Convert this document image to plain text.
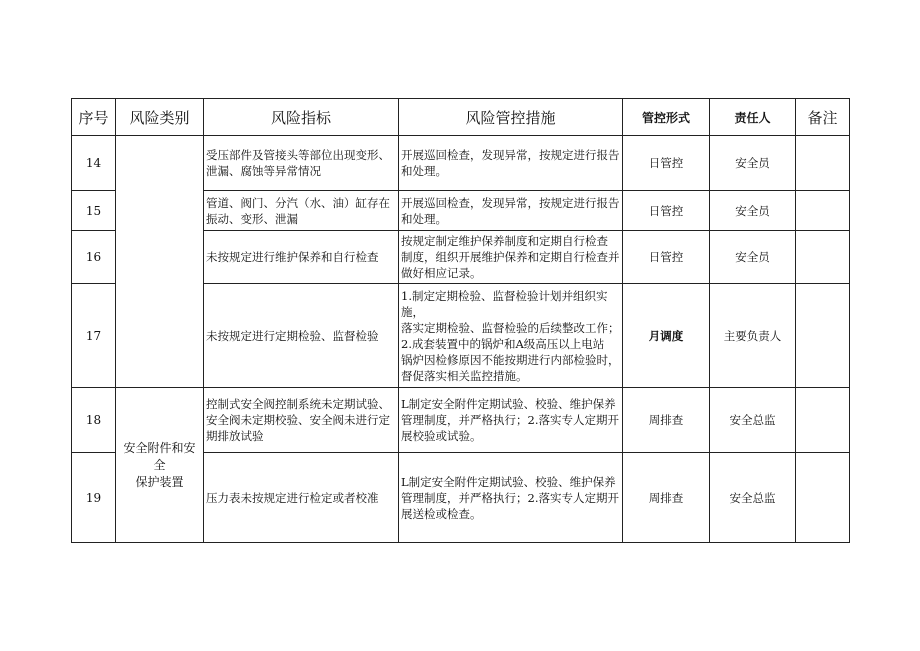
序号	风险类别	风险指标	风险管控措施	管控形式	责任人	备注
14		受压部件及管接头等部位出现变形、
泄漏、腐蚀等异常情况	开展巡回检查，发现异常，按规定进行报告
和处理。	日管控	安全员	
15		管道、阀门、分汽（水、油）缸存在
振动、变形、泄漏	开展巡回检查，发现异常，按规定进行报告
和处理。	日管控	安全员	
16		未按规定进行维护保养和自行检查	按规定制定维护保养制度和定期自行检查
制度，组织开展维护保养和定期自行检查并
做好相应记录。	日管控	安全员	
17		未按规定进行定期检验、监督检验	1.制定定期检验、监督检验计划并组织实施，
落实定期检验、监督检验的后续整改工作；
2.成套装置中的锅炉和A级高压以上电站
锅炉因检修原因不能按期进行内部检验时，
督促落实相关监控措施。	月调度	主要负责人	
18	安全附件和安全
保护装置	控制式安全阀控制系统未定期试验、
安全阀未定期校验、安全阀未进行定
期排放试验	L制定安全附件定期试验、校验、维护保养
管理制度，并严格执行；2.落实专人定期开
展校验或试验。	周排查	安全总监	
19		压力表未按规定进行检定或者校准	L制定安全附件定期试验、校验、维护保养
管理制度，并严格执行；2.落实专人定期开
展送检或检查。	周排查	安全总监	
